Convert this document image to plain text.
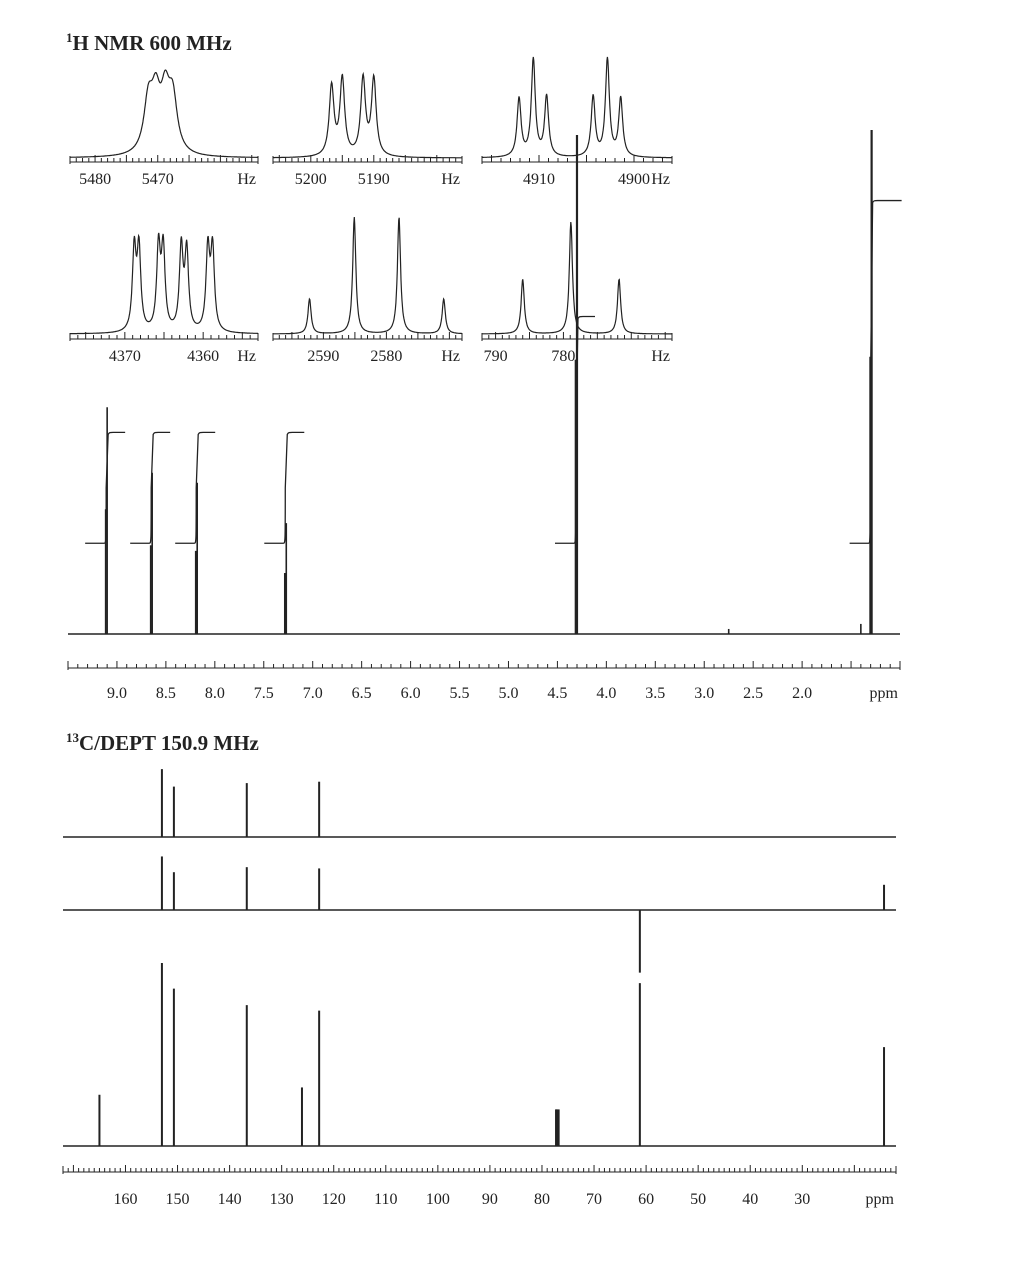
$^1$H NMR 600 MHz
$^{13}$C/DEPT 150.9 MHz
5480 5470	Hz 5200 5190	Hz	4910	4900 Hz
4370	4360 Hz	2590 2580 Hz 790	780	Hz
9.0 8.5 8.0 7.5 7.0 6.5 6.0 5.5 5.0 4.5 4.0 3.5 3.0 2.5 2.0	ppm
160 150 140 130 120 110 100 90 80 70 60 50 40 30	ppm
